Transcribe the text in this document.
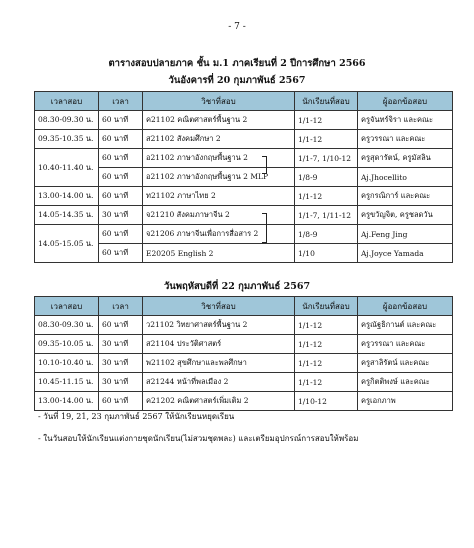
- 7 -
ตารางสอบปลายภาค ชั้น ม.1 ภาคเรียนที่ 2 ปีการศึกษา 2566
วันอังคารที่ 20 กุมภาพันธ์ 2567
เวลาสอบ	เวลา	วิชาที่สอบ	นักเรียนที่สอบ	ผู้ออกข้อสอบ
08.30-09.30 น.	60 นาที	ค21102 คณิตศาสตร์พื้นฐาน 2	1/1-12	ครูจันทร์จิรา และคณะ
09.35-10.35 น.	60 นาที	ส21102 สังคมศึกษา 2	1/1-12	ครูวรรณา และคณะ
10.40-11.40 น.	60 นาที	อ21102 ภาษาอังกฤษพื้นฐาน 2	1/1-7, 1/10-12	ครูสุดารัตน์, ครูมัสลิน
	60 นาที	อ21102 ภาษาอังกฤษพื้นฐาน 2 MLP	1/8-9	Aj.Jhocellito
13.00-14.00 น.	60 นาที	ท21102 ภาษาไทย 2	1/1-12	ครูกรณิการ์ และคณะ
14.05-14.35 น.	30 นาที	จ21210 สังคมภาษาจีน 2	1/1-7, 1/11-12	ครูขวัญจิต, ครูชลดวัน
14.05-15.05 น.	60 นาที	จ21206 ภาษาจีนเพื่อการสื่อสาร 2	1/8-9	Aj.Feng Jing
	60 นาที	E20205 English 2	1/10	Aj.Joyce Yamada
วันพฤหัสบดีที่ 22 กุมภาพันธ์ 2567
เวลาสอบ	เวลา	วิชาที่สอบ	นักเรียนที่สอบ	ผู้ออกข้อสอบ
08.30-09.30 น.	60 นาที	ว21102 วิทยาศาสตร์พื้นฐาน 2	1/1-12	ครูณัฐธิกานต์ และคณะ
09.35-10.05 น.	30 นาที	ส21104 ประวัติศาสตร์	1/1-12	ครูวรรณา และคณะ
10.10-10.40 น.	30 นาที	พ21102 สุขศึกษาและพลศึกษา	1/1-12	ครูสาลิรัตน์ และคณะ
10.45-11.15 น.	30 นาที	ส21244 หน้าที่พลเมือง 2	1/1-12	ครูกิตติพงษ์ และคณะ
13.00-14.00 น.	60 นาที	ค21202 คณิตศาสตร์เพิ่มเติม 2	1/10-12	ครูเอกภาพ
- วันที่ 19, 21, 23 กุมภาพันธ์ 2567 ให้นักเรียนหยุดเรียน
- ในวันสอบให้นักเรียนแต่งกายชุดนักเรียน(ไม่สวมชุดพละ) และเตรียมอุปกรณ์การสอบให้พร้อม
